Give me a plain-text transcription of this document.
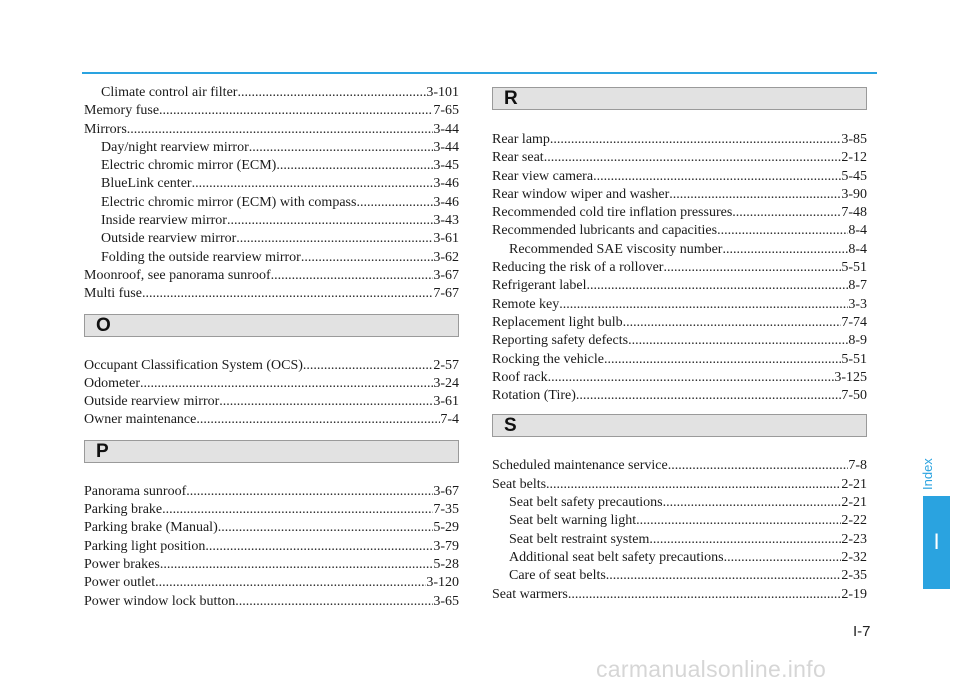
Climate control air filter .....	3-101
Memory fuse .....	7-65
Mirrors .....	3-44
Day/night rearview mirror .....	3-44
Electric chromic mirror (ECM) .....	3-45
BlueLink center .....	3-46
Electric chromic mirror (ECM) with compass .....	3-46
Inside rearview mirror .....	3-43
Outside rearview mirror .....	3-61
Folding the outside rearview mirror .....	3-62
Moonroof, see panorama sunroof .....	3-67
Multi fuse .....	7-67
O
Occupant Classification System (OCS) .....	2-57
Odometer .....	3-24
Outside rearview mirror .....	3-61
Owner maintenance .....	7-4
P
Panorama sunroof .....	3-67
Parking brake .....	7-35
Parking brake (Manual) .....	5-29
Parking light position .....	3-79
Power brakes .....	5-28
Power outlet .....	3-120
Power window lock button .....	3-65
R
Rear lamp .....	3-85
Rear seat .....	2-12
Rear view camera .....	5-45
Rear window wiper and washer .....	3-90
Recommended cold tire inflation pressures .....	7-48
Recommended lubricants and capacities .....	8-4
Recommended SAE viscosity number .....	8-4
Reducing the risk of a rollover .....	5-51
Refrigerant label .....	8-7
Remote key .....	3-3
Replacement light bulb .....	7-74
Reporting safety defects .....	8-9
Rocking the vehicle .....	5-51
Roof rack .....	3-125
Rotation (Tire) .....	7-50
S
Scheduled maintenance service .....	7-8
Seat belts .....	2-21
Seat belt safety precautions .....	2-21
Seat belt warning light .....	2-22
Seat belt restraint system .....	2-23
Additional seat belt safety precautions .....	2-32
Care of seat belts .....	2-35
Seat warmers .....	2-19
Index
I
I-7
carmanualsonline.info
